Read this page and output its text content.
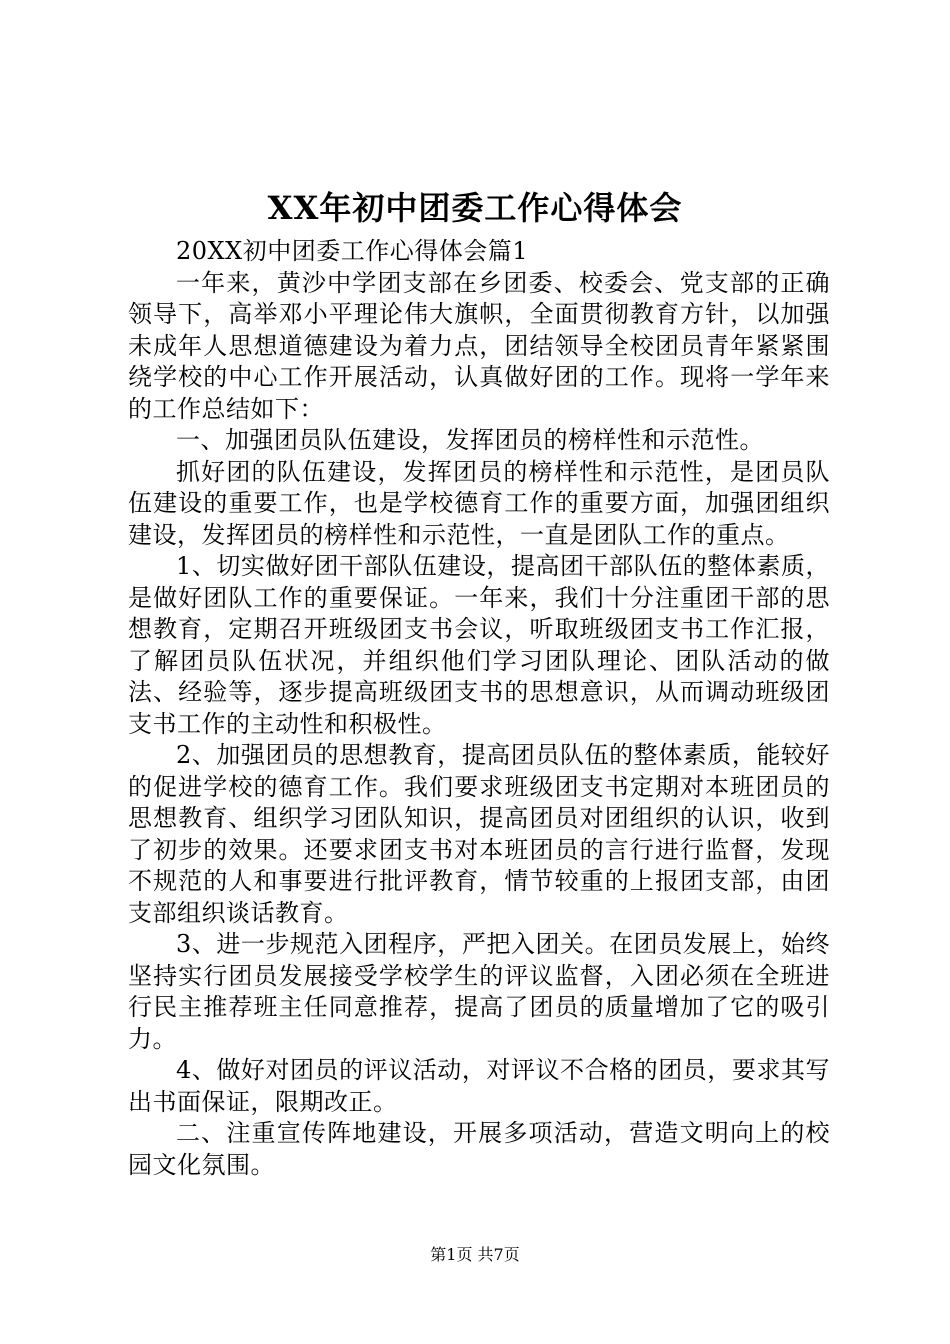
XX年初中团委工作心得体会

20XX初中团委工作心得体会篇1

一年来，黄沙中学团支部在乡团委、校委会、党支部的正确领导下，高举邓小平理论伟大旗帜，全面贯彻教育方针，以加强未成年人思想道德建设为着力点，团结领导全校团员青年紧紧围绕学校的中心工作开展活动，认真做好团的工作。现将一学年来的工作总结如下：

一、加强团员队伍建设，发挥团员的榜样性和示范性。

抓好团的队伍建设，发挥团员的榜样性和示范性，是团员队伍建设的重要工作，也是学校德育工作的重要方面，加强团组织建设，发挥团员的榜样性和示范性，一直是团队工作的重点。

1、切实做好团干部队伍建设，提高团干部队伍的整体素质，是做好团队工作的重要保证。一年来，我们十分注重团干部的思想教育，定期召开班级团支书会议，听取班级团支书工作汇报，了解团员队伍状况，并组织他们学习团队理论、团队活动的做法、经验等，逐步提高班级团支书的思想意识，从而调动班级团支书工作的主动性和积极性。

2、加强团员的思想教育，提高团员队伍的整体素质，能较好的促进学校的德育工作。我们要求班级团支书定期对本班团员的思想教育、组织学习团队知识，提高团员对团组织的认识，收到了初步的效果。还要求团支书对本班团员的言行进行监督，发现不规范的人和事要进行批评教育，情节较重的上报团支部，由团支部组织谈话教育。

3、进一步规范入团程序，严把入团关。在团员发展上，始终坚持实行团员发展接受学校学生的评议监督，入团必须在全班进行民主推荐班主任同意推荐，提高了团员的质量增加了它的吸引力。

4、做好对团员的评议活动，对评议不合格的团员，要求其写出书面保证，限期改正。

二、注重宣传阵地建设，开展多项活动，营造文明向上的校园文化氛围。

第1页 共7页
